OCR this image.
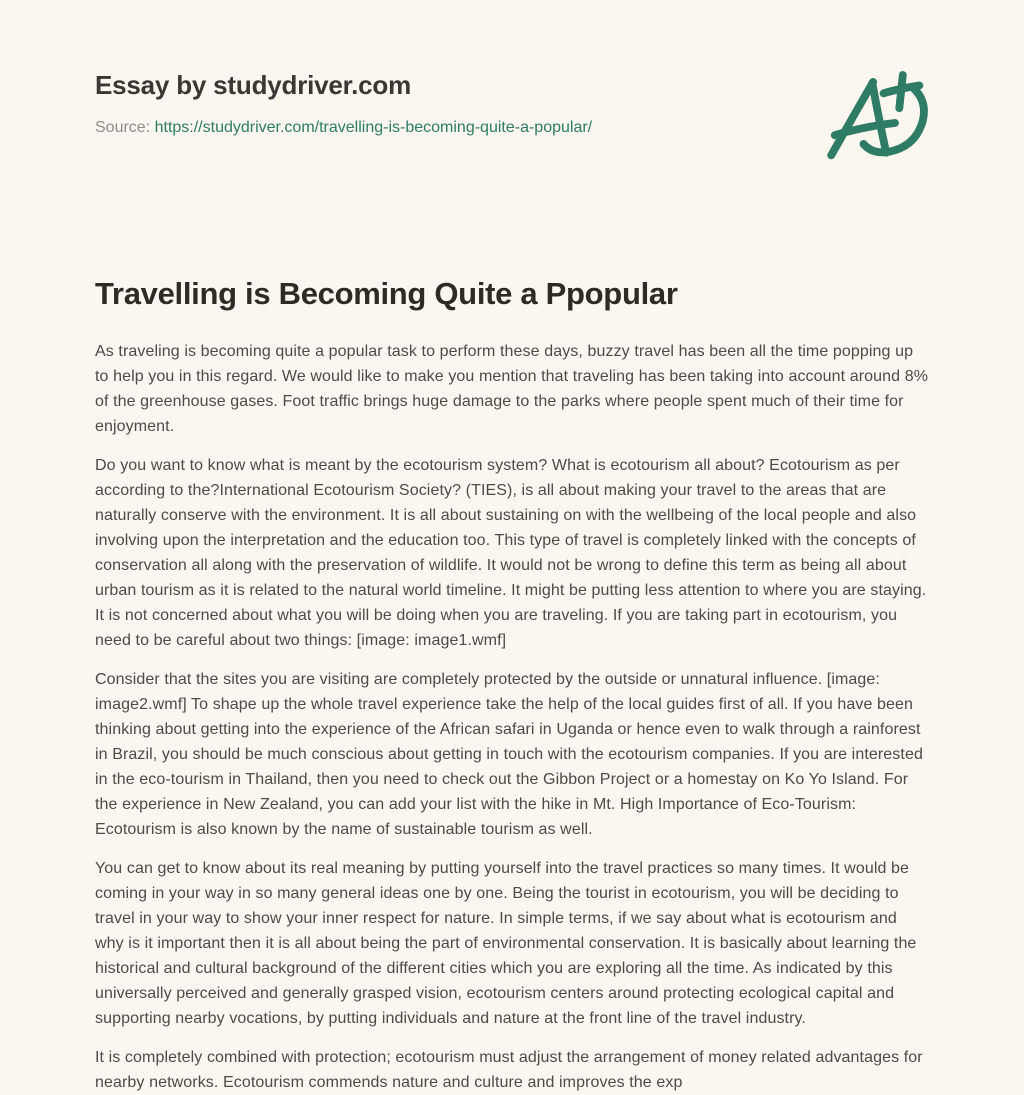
Essay by studydriver.com

Source: https://studydriver.com/travelling-is-becoming-quite-a-popular/

Travelling is Becoming Quite a Ppopular

As traveling is becoming quite a popular task to perform these days, buzzy travel has been all the time popping up to help you in this regard. We would like to make you mention that traveling has been taking into account around 8% of the greenhouse gases. Foot traffic brings huge damage to the parks where people spent much of their time for enjoyment.

Do you want to know what is meant by the ecotourism system? What is ecotourism all about? Ecotourism as per according to the?International Ecotourism Society? (TIES), is all about making your travel to the areas that are naturally conserve with the environment. It is all about sustaining on with the wellbeing of the local people and also involving upon the interpretation and the education too. This type of travel is completely linked with the concepts of conservation all along with the preservation of wildlife. It would not be wrong to define this term as being all about urban tourism as it is related to the natural world timeline. It might be putting less attention to where you are staying. It is not concerned about what you will be doing when you are traveling. If you are taking part in ecotourism, you need to be careful about two things: [image: image1.wmf]

Consider that the sites you are visiting are completely protected by the outside or unnatural influence. [image: image2.wmf] To shape up the whole travel experience take the help of the local guides first of all. If you have been thinking about getting into the experience of the African safari in Uganda or hence even to walk through a rainforest in Brazil, you should be much conscious about getting in touch with the ecotourism companies. If you are interested in the eco-tourism in Thailand, then you need to check out the Gibbon Project or a homestay on Ko Yo Island. For the experience in New Zealand, you can add your list with the hike in Mt. High Importance of Eco-Tourism: Ecotourism is also known by the name of sustainable tourism as well.

You can get to know about its real meaning by putting yourself into the travel practices so many times. It would be coming in your way in so many general ideas one by one. Being the tourist in ecotourism, you will be deciding to travel in your way to show your inner respect for nature. In simple terms, if we say about what is ecotourism and why is it important then it is all about being the part of environmental conservation. It is basically about learning the historical and cultural background of the different cities which you are exploring all the time. As indicated by this universally perceived and generally grasped vision, ecotourism centers around protecting ecological capital and supporting nearby vocations, by putting individuals and nature at the front line of the travel industry.

It is completely combined with protection; ecotourism must adjust the arrangement of money related advantages for nearby networks. Ecotourism commends nature and culture and improves the exp
